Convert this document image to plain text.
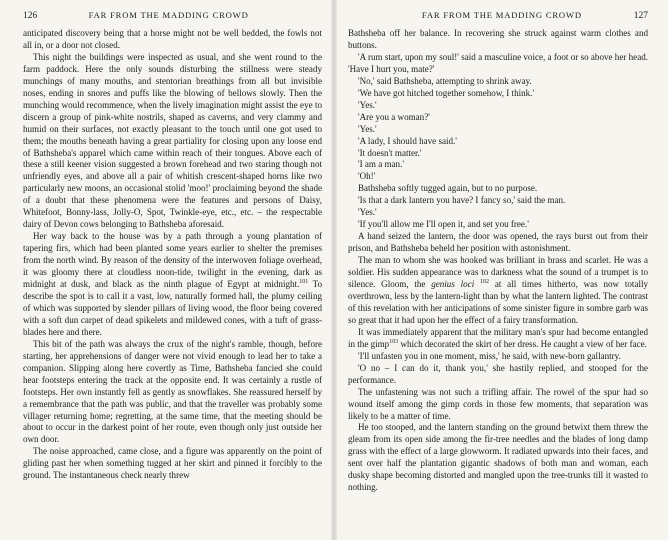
126	FAR FROM THE MADDING CROWD

anticipated discovery being that a horse might not be well bedded, the fowls not all in, or a door not closed.

This night the buildings were inspected as usual, and she went round to the farm paddock. Here the only sounds disturbing the stillness were steady munchings of many mouths, and stentorian breathings from all but invisible noses, ending in snores and puffs like the blowing of bellows slowly. Then the munching would recommence, when the lively imagination might assist the eye to discern a group of pink-white nostrils, shaped as caverns, and very clammy and humid on their surfaces, not exactly pleasant to the touch until one got used to them; the mouths beneath having a great partiality for closing upon any loose end of Bathsheba's apparel which came within reach of their tongues. Above each of these a still keener vision suggested a brown forehead and two staring though not unfriendly eyes, and above all a pair of whitish crescent-shaped horns like two particularly new moons, an occasional stolid 'moo!' proclaiming beyond the shade of a doubt that these phenomena were the features and persons of Daisy, Whitefoot, Bonny-lass, Jolly-O, Spot, Twinkle-eye, etc., etc. – the respectable dairy of Devon cows belonging to Bathsheba aforesaid.

Her way back to the house was by a path through a young plantation of tapering firs, which had been planted some years earlier to shelter the premises from the north wind. By reason of the density of the interwoven foliage overhead, it was gloomy there at cloudless noon-tide, twilight in the evening, dark as midnight at dusk, and black as the ninth plague of Egypt at midnight.$^{101}$ To describe the spot is to call it a vast, low, naturally formed hall, the plumy ceiling of which was supported by slender pillars of living wood, the floor being covered with a soft dun carpet of dead spikelets and mildewed cones, with a tuft of grass-blades here and there.

This bit of the path was always the crux of the night's ramble, though, before starting, her apprehensions of danger were not vivid enough to lead her to take a companion. Slipping along here covertly as Time, Bathsheba fancied she could hear footsteps entering the track at the opposite end. It was certainly a rustle of footsteps. Her own instantly fell as gently as snowflakes. She reassured herself by a remembrance that the path was public, and that the traveller was probably some villager returning home; regretting, at the same time, that the meeting should be about to occur in the darkest point of her route, even though only just outside her own door.

The noise approached, came close, and a figure was apparently on the point of gliding past her when something tugged at her skirt and pinned it forcibly to the ground. The instantaneous check nearly threw

FAR FROM THE MADDING CROWD	127

Bathsheba off her balance. In recovering she struck against warm clothes and buttons.

'A rum start, upon my soul!' said a masculine voice, a foot or so above her head. 'Have I hurt you, mate?'

'No,' said Bathsheba, attempting to shrink away.

'We have got hitched together somehow, I think.'

'Yes.'

'Are you a woman?'

'Yes.'

'A lady, I should have said.'

'It doesn't matter.'

'I am a man.'

'Oh!'

Bathsheba softly tugged again, but to no purpose.

'Is that a dark lantern you have? I fancy so,' said the man.

'Yes.'

'If you'll allow me I'll open it, and set you free.'

A hand seized the lantern, the door was opened, the rays burst out from their prison, and Bathsheba beheld her position with astonishment.

The man to whom she was hooked was brilliant in brass and scarlet. He was a soldier. His sudden appearance was to darkness what the sound of a trumpet is to silence. Gloom, the genius loci $^{102}$ at all times hitherto, was now totally overthrown, less by the lantern-light than by what the lantern lighted. The contrast of this revelation with her anticipations of some sinister figure in sombre garb was so great that it had upon her the effect of a fairy transformation.

It was immediately apparent that the military man's spur had become entangled in the gimp$^{103}$ which decorated the skirt of her dress. He caught a view of her face.

'I'll unfasten you in one moment, miss,' he said, with new-born gallantry.

'O no – I can do it, thank you,' she hastily replied, and stooped for the performance.

The unfastening was not such a trifling affair. The rowel of the spur had so wound itself among the gimp cords in those few moments, that separation was likely to be a matter of time.

He too stooped, and the lantern standing on the ground betwixt them threw the gleam from its open side among the fir-tree needles and the blades of long damp grass with the effect of a large glowworm. It radiated upwards into their faces, and sent over half the plantation gigantic shadows of both man and woman, each dusky shape becoming distorted and mangled upon the tree-trunks till it wasted to nothing.
